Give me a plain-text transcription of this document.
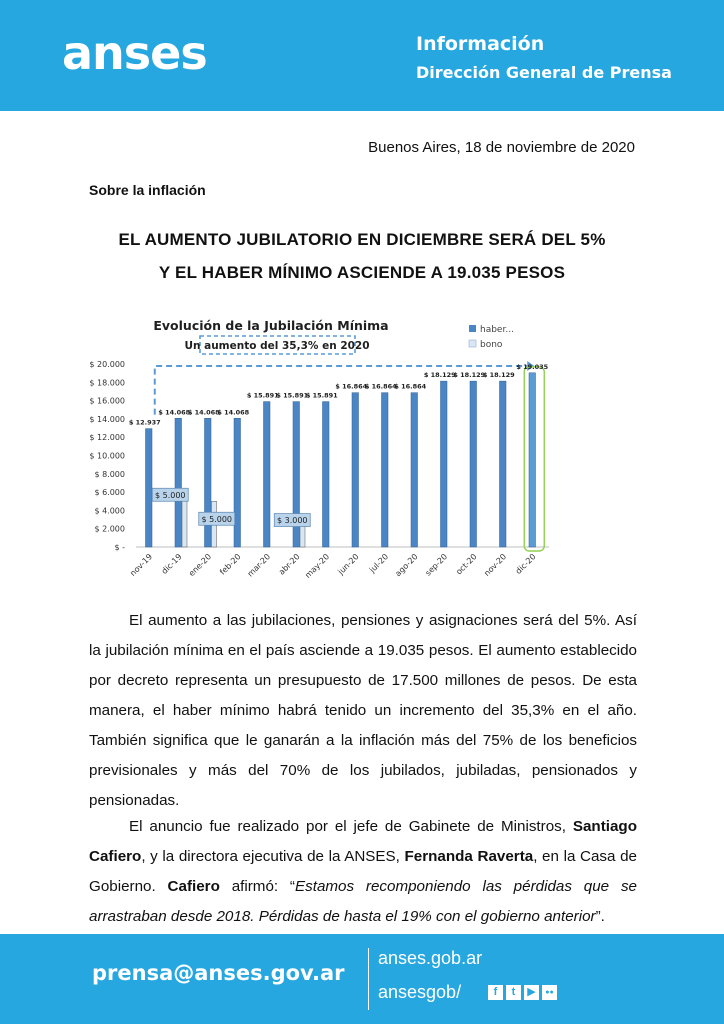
anses	Información
Dirección General de Prensa
Buenos Aires, 18 de noviembre de 2020
Sobre la inflación
EL AUMENTO JUBILATORIO EN DICIEMBRE SERÁ DEL 5%
Y EL HABER MÍNIMO ASCIENDE A 19.035 PESOS
Evolución de la Jubilación Mínima
Un aumento del 35,3% en 2020
haber...
bono
$ -
$ 2.000
$ 4.000
$ 6.000
$ 8.000
$ 10.000
$ 12.000
$ 14.000
$ 16.000
$ 18.000
$ 20.000
$ 12.937
nov-19
$ 14.068
dic-19
$ 14.068
ene-20
$ 14.068
feb-20
$ 15.891
mar-20
$ 15.891
abr-20
$ 15.891
may-20
$ 16.864
jun-20
$ 16.864
jul-20
$ 16.864
ago-20
$ 18.129
sep-20
$ 18.129
oct-20
$ 18.129
nov-20
$ 19.035
dic-20
$ 5.000
$ 5.000	$ 3.000
El aumento a las jubilaciones, pensiones y asignaciones será del 5%. Así la jubilación mínima en el país asciende a 19.035 pesos. El aumento establecido por decreto representa un presupuesto de 17.500 millones de pesos. De esta manera, el haber mínimo habrá tenido un incremento del 35,3% en el año. También significa que le ganarán a la inflación más del 75% de los beneficios previsionales y más del 70% de los jubilados, jubiladas, pensionados y pensionadas.
El anuncio fue realizado por el jefe de Gabinete de Ministros, Santiago Cafiero, y la directora ejecutiva de la ANSES, Fernanda Raverta, en la Casa de Gobierno. Cafiero afirmó: “Estamos recomponiendo las pérdidas que se arrastraban desde 2018. Pérdidas de hasta el 19% con el gobierno anterior”.
prensa@anses.gov.ar
anses.gob.ar
ansesgob/	f t ▶ ●●
